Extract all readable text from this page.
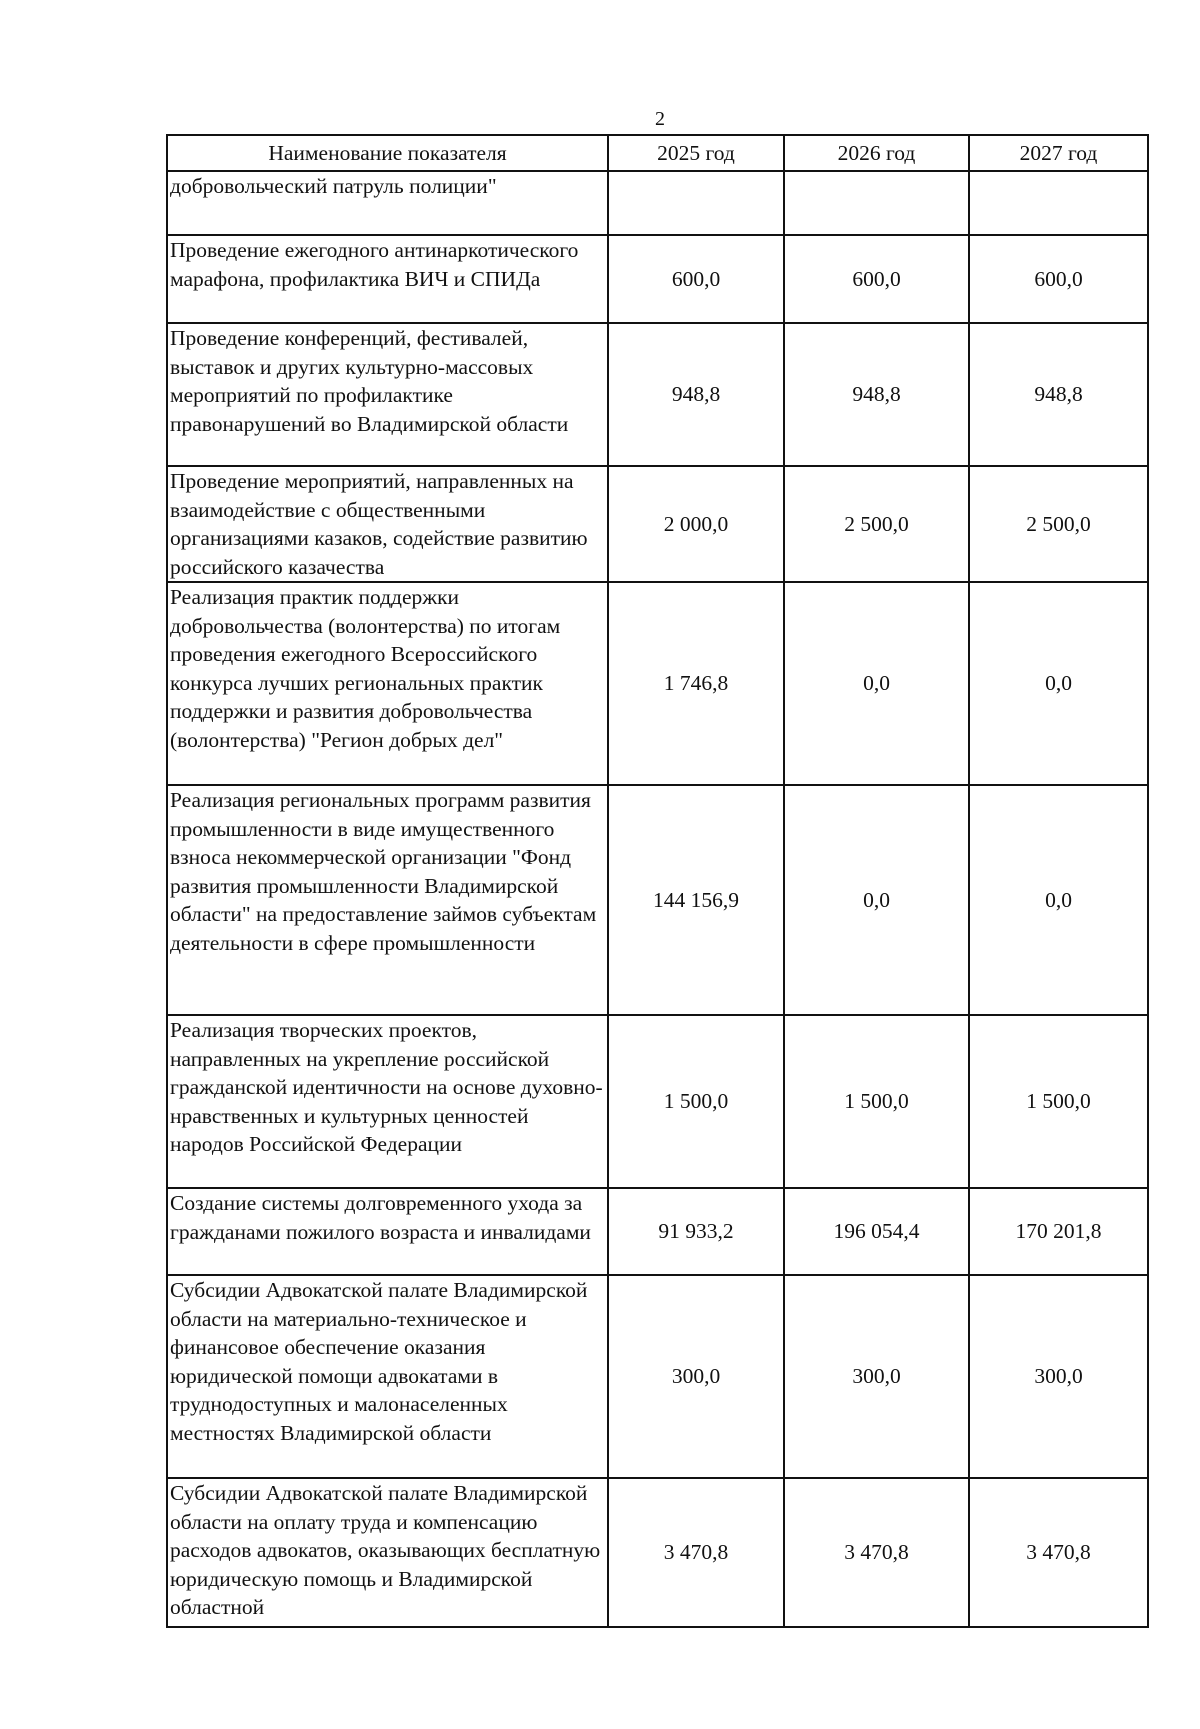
2
Наименование показателя	2025 год	2026 год	2027 год
добровольческий патруль полиции"			
Проведение ежегодного антинаркотического марафона, профилактика ВИЧ и СПИДа	600,0	600,0	600,0
Проведение конференций, фестивалей, выставок и других культурно-массовых мероприятий по профилактике правонарушений во Владимирской области	948,8	948,8	948,8
Проведение мероприятий, направленных на взаимодействие с общественными организациями казаков, содействие развитию российского казачества	2 000,0	2 500,0	2 500,0
Реализация практик поддержки добровольчества (волонтерства) по итогам проведения ежегодного Всероссийского конкурса лучших региональных практик поддержки и развития добровольчества (волонтерства) "Регион добрых дел"	1 746,8	0,0	0,0
Реализация региональных программ развития промышленности в виде имущественного взноса некоммерческой организации "Фонд развития промышленности Владимирской области" на предоставление займов субъектам деятельности в сфере промышленности	144 156,9	0,0	0,0
Реализация творческих проектов, направленных на укрепление российской гражданской идентичности на основе духовно-нравственных и культурных ценностей народов Российской Федерации	1 500,0	1 500,0	1 500,0
Создание системы долговременного ухода за гражданами пожилого возраста и инвалидами	91 933,2	196 054,4	170 201,8
Субсидии Адвокатской палате Владимирской области на материально-техническое и финансовое обеспечение оказания юридической помощи адвокатами в труднодоступных и малонаселенных местностях Владимирской области	300,0	300,0	300,0
Субсидии Адвокатской палате Владимирской области на оплату труда и компенсацию расходов адвокатов, оказывающих бесплатную юридическую помощь и Владимирской областной	3 470,8	3 470,8	3 470,8
